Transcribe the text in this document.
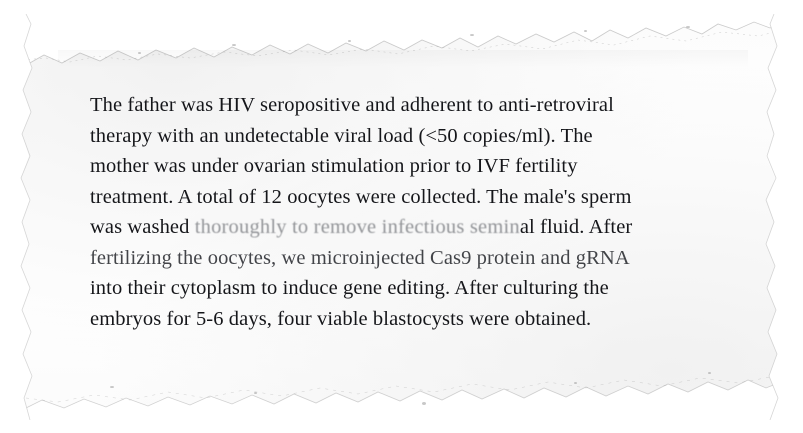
The father was HIV seropositive and adherent to anti-retroviral

therapy with an undetectable viral load (<50 copies/ml). The

mother was under ovarian stimulation prior to IVF fertility

treatment. A total of 12 oocytes were collected. The male's sperm

was washed thoroughly to remove infectious seminal fluid. After

fertilizing the oocytes, we microinjected Cas9 protein and gRNA

into their cytoplasm to induce gene editing. After culturing the

embryos for 5-6 days, four viable blastocysts were obtained.
